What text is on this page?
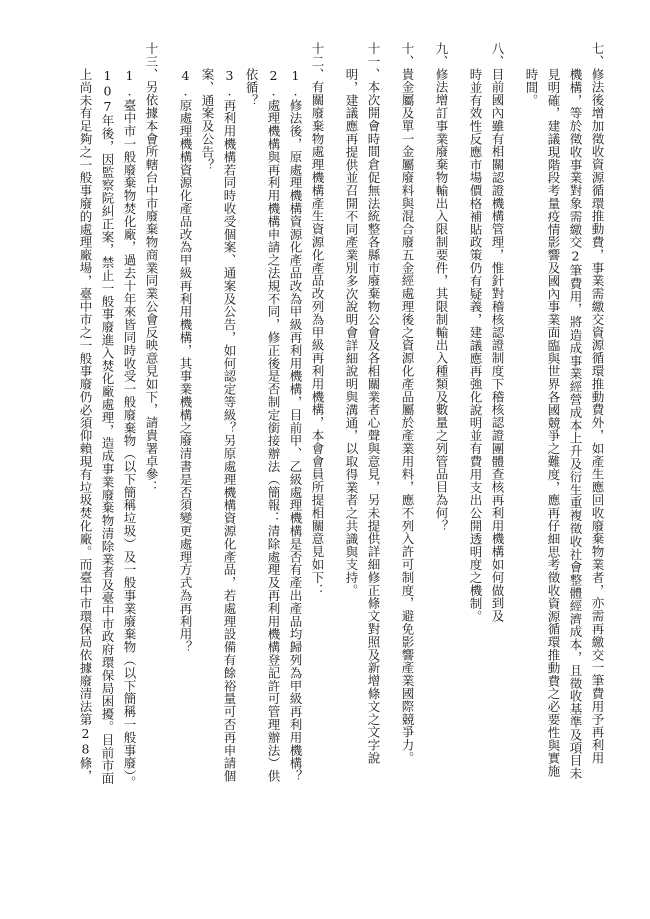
七、修法後增加徵收資源循環推動費，事業需繳交資源循環推動費外，如產生應回收廢棄物業者，亦需再繳交一筆費用予再利用
機構，等於徵收事業對象需繳交2筆費用，將造成事業經營成本上升及衍生重複徵收社會整體經濟成本，且徵收基準及項目未
見明確，建議現階段考量疫情影響及國內事業面臨與世界各國競爭之難度，應再仔細思考徵收資源循環推動費之必要性與實施
時間。
八、目前國內雖有相關認證機構管理，惟針對稽核認證制度下稽核認證團體查核再利用機構如何做到及
時並有效性反應市場價格補貼政策仍有疑義，建議應再強化說明並有費用支出公開透明度之機制。
九、修法增訂事業廢棄物輸出入限制要件，其限制輸出入種類及數量之列管品目為何？
十、貴金屬及單一金屬廢料與混合廢五金經處理後之資源化產品屬於產業用料，應不列入許可制度，避免影響產業國際競爭力。
十一、本次開會時間倉促無法統整各縣市廢棄物公會及各相關業者心聲與意見，另未提供詳細修正條文對照及新增條文之文字說
明，建議應再提供並召開不同產業別多次說明會詳細說明與溝通，以取得業者之共識與支持。
十二、有關廢棄物處理機構產生資源化產品改列為甲級再利用機構，本會會員所提相關意見如下：
1.修法後，原處理機構資源化產品改為甲級再利用機構，目前甲、乙級處理機構是否有產出產品均歸列為甲級再利用機構？
2.處理機構與再利用機構申請之法規不同，修正後是否制定銜接辦法（簡報：清除處理及再利用機構登記許可管理辦法）供
依循？
3.再利用機構若同時收受個案、通案及公告，如何認定等級？另原處理機構資源化產品，若處理設備有餘裕量可否再申請個
案、通案及公告？
4.原處理機構資源化產品改為甲級再利用機構，其事業機構之廢清書是否須變更處理方式為再利用？
十三、另依據本會所轄台中市廢棄物商業同業公會反映意見如下，請貴署卓參：
1.臺中市一般廢棄物焚化廠，過去十年來皆同時收受一般廢棄物（以下簡稱垃圾）及一般事業廢棄物（以下簡稱一般事廢）。
107年後，因監察院糾正案，禁止一般事廢進入焚化廠處理，造成事業廢棄物清除業者及臺中市政府環保局困擾。目前市面
上尚未有足夠之一般事廢的處理廠場，臺中市之一般事廢仍必須仰賴現有垃圾焚化廠。而臺中市環保局依據廢清法第28條，
